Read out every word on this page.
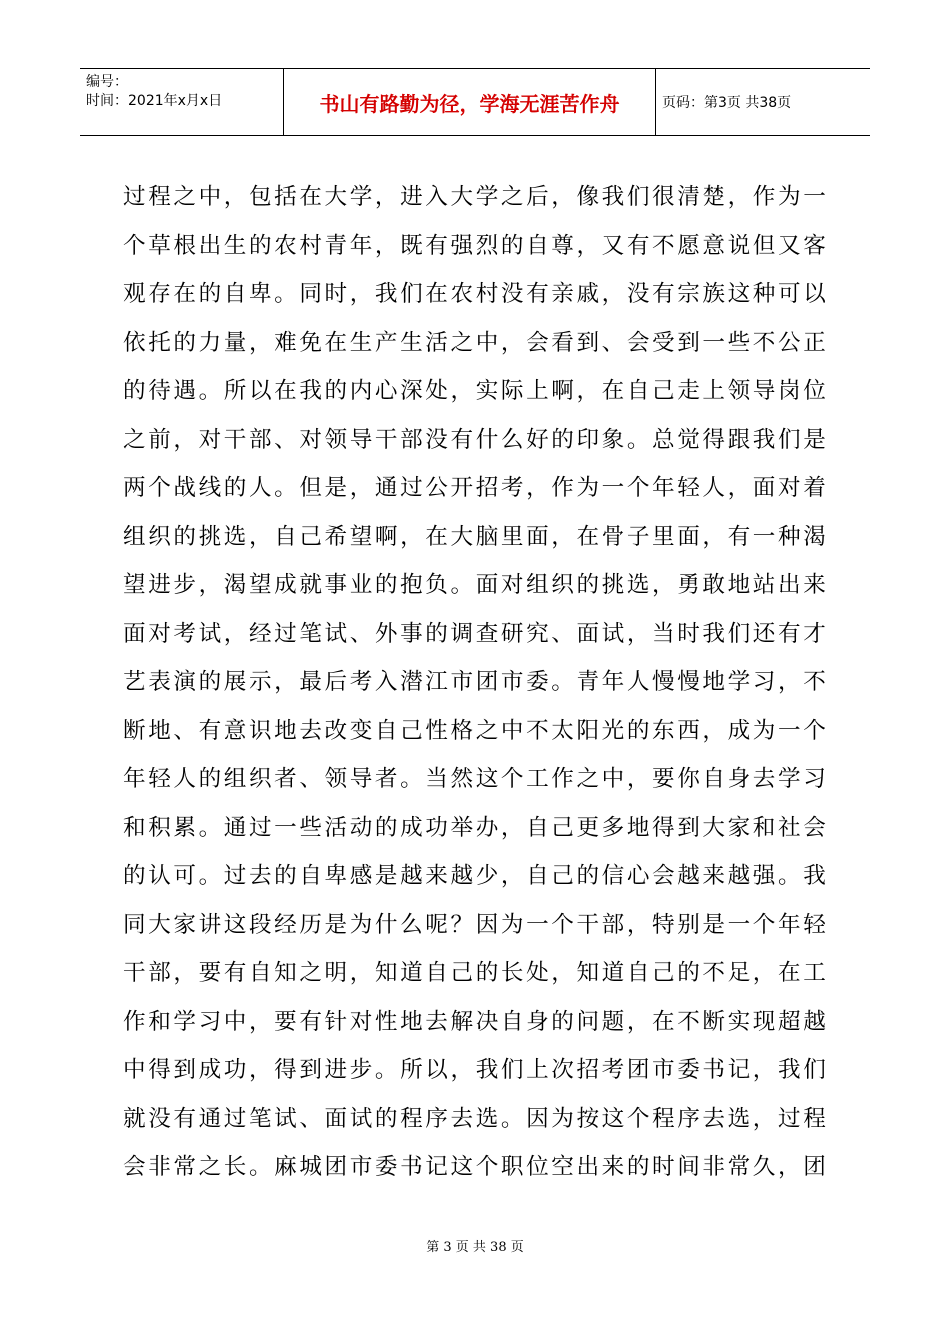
编号：
时间：2021年x月x日	书山有路勤为径，学海无涯苦作舟	页码：第3页 共38页
过程之中，包括在大学，进入大学之后，像我们很清楚，作为一
个草根出生的农村青年，既有强烈的自尊，又有不愿意说但又客
观存在的自卑。同时，我们在农村没有亲戚，没有宗族这种可以
依托的力量，难免在生产生活之中，会看到、会受到一些不公正
的待遇。所以在我的内心深处，实际上啊，在自己走上领导岗位
之前，对干部、对领导干部没有什么好的印象。总觉得跟我们是
两个战线的人。但是，通过公开招考，作为一个年轻人，面对着
组织的挑选，自己希望啊，在大脑里面，在骨子里面，有一种渴
望进步，渴望成就事业的抱负。面对组织的挑选，勇敢地站出来
面对考试，经过笔试、外事的调查研究、面试，当时我们还有才
艺表演的展示，最后考入潜江市团市委。青年人慢慢地学习，不
断地、有意识地去改变自己性格之中不太阳光的东西，成为一个
年轻人的组织者、领导者。当然这个工作之中，要你自身去学习
和积累。通过一些活动的成功举办，自己更多地得到大家和社会
的认可。过去的自卑感是越来越少，自己的信心会越来越强。我
同大家讲这段经历是为什么呢？因为一个干部，特别是一个年轻
干部，要有自知之明，知道自己的长处，知道自己的不足，在工
作和学习中，要有针对性地去解决自身的问题，在不断实现超越
中得到成功，得到进步。所以，我们上次招考团市委书记，我们
就没有通过笔试、面试的程序去选。因为按这个程序去选，过程
会非常之长。麻城团市委书记这个职位空出来的时间非常久，团
第 3 页 共 38 页
